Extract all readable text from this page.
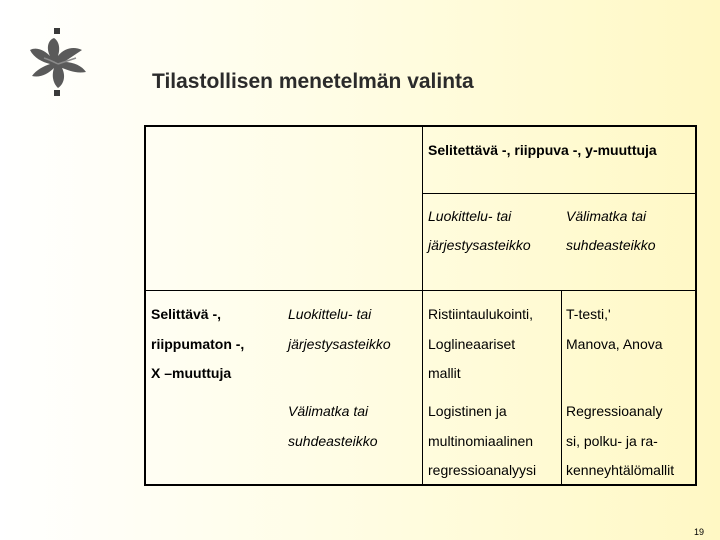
Tilastollisen menetelmän valinta
Selitettävä -, riippuva -, y-muuttuja
Luokittelu- tai
järjestysasteikko
Välimatka tai
suhdeasteikko
Selittävä -,
riippumaton -,
X –muuttuja
Luokittelu- tai
järjestysasteikko
Välimatka tai
suhdeasteikko
Ristiintaulukointi,
Loglineaariset
mallit
T-testi,'
Manova, Anova
Logistinen ja
multinomiaalinen
regressioanalyysi
Regressioanaly
si, polku- ja ra-
kenneyhtälömallit
19
